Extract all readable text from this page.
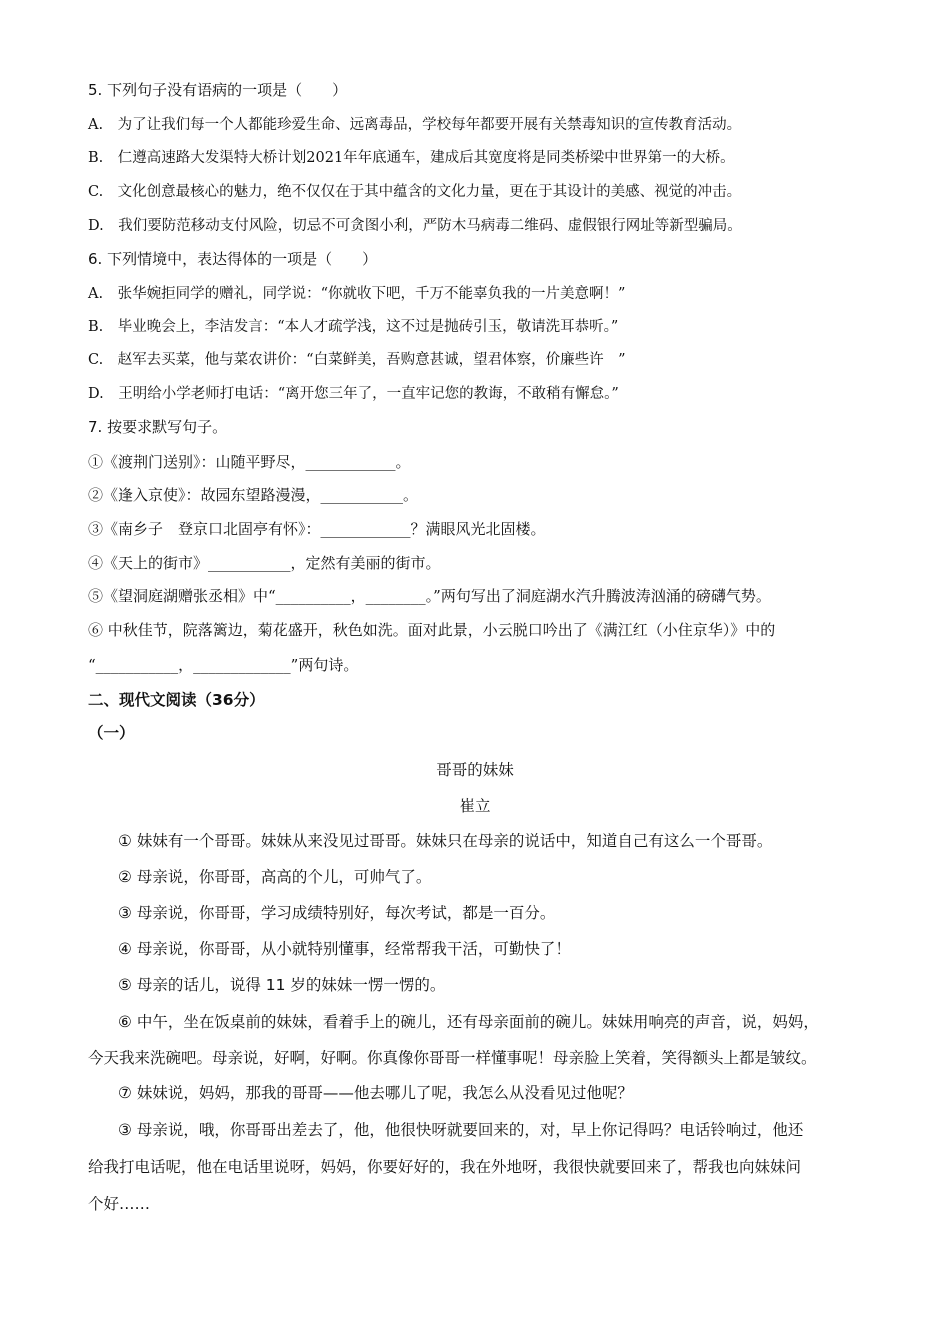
5. 下列句子没有语病的一项是（　　）
A.　为了让我们每一个人都能珍爱生命、远离毒品，学校每年都要开展有关禁毒知识的宣传教育活动。
B.　仁遵高速路大发渠特大桥计划2021年年底通车，建成后其宽度将是同类桥梁中世界第一的大桥。
C.　文化创意最核心的魅力，绝不仅仅在于其中蕴含的文化力量，更在于其设计的美感、视觉的冲击。
D.　我们要防范移动支付风险，切忌不可贪图小利，严防木马病毒二维码、虚假银行网址等新型骗局。
6. 下列情境中，表达得体的一项是（　　）
A.　张华婉拒同学的赠礼，同学说：“你就收下吧，千万不能辜负我的一片美意啊！”
B.　毕业晚会上，李洁发言：“本人才疏学浅，这不过是抛砖引玉，敬请洗耳恭听。”
C.　赵军去买菜，他与菜农讲价：“白菜鲜美，吾购意甚诚，望君体察，价廉些许　”
D.　王明给小学老师打电话：“离开您三年了，一直牢记您的教诲，不敢稍有懈怠。”
7. 按要求默写句子。
①《渡荆门送别》：山随平野尽，____________。
②《逢入京使》：故园东望路漫漫，___________。
③《南乡子　登京口北固亭有怀》：____________？满眼风光北固楼。
④《天上的街市》___________，定然有美丽的街市。
⑤《望洞庭湖赠张丞相》中“__________，________。”两句写出了洞庭湖水汽升腾波涛汹涌的磅礴气势。
⑥ 中秋佳节，院落篱边，菊花盛开，秋色如洗。面对此景，小云脱口吟出了《满江红（小住京华）》中的
“___________，_____________”两句诗。
二、现代文阅读（36分）
（一）
哥哥的妹妹
崔立
① 妹妹有一个哥哥。妹妹从来没见过哥哥。妹妹只在母亲的说话中，知道自己有这么一个哥哥。
② 母亲说，你哥哥，高高的个儿，可帅气了。
③ 母亲说，你哥哥，学习成绩特别好，每次考试，都是一百分。
④ 母亲说，你哥哥，从小就特别懂事，经常帮我干活，可勤快了！
⑤ 母亲的话儿，说得 11 岁的妹妹一愣一愣的。
⑥ 中午，坐在饭桌前的妹妹，看着手上的碗儿，还有母亲面前的碗儿。妹妹用响亮的声音，说，妈妈，
今天我来洗碗吧。母亲说，好啊，好啊。你真像你哥哥一样懂事呢！母亲脸上笑着，笑得额头上都是皱纹。
⑦ 妹妹说，妈妈，那我的哥哥——他去哪儿了呢，我怎么从没看见过他呢？
③ 母亲说，哦，你哥哥出差去了，他，他很快呀就要回来的，对，早上你记得吗？电话铃响过，他还
给我打电话呢，他在电话里说呀，妈妈，你要好好的，我在外地呀，我很快就要回来了，帮我也向妹妹问
个好……
